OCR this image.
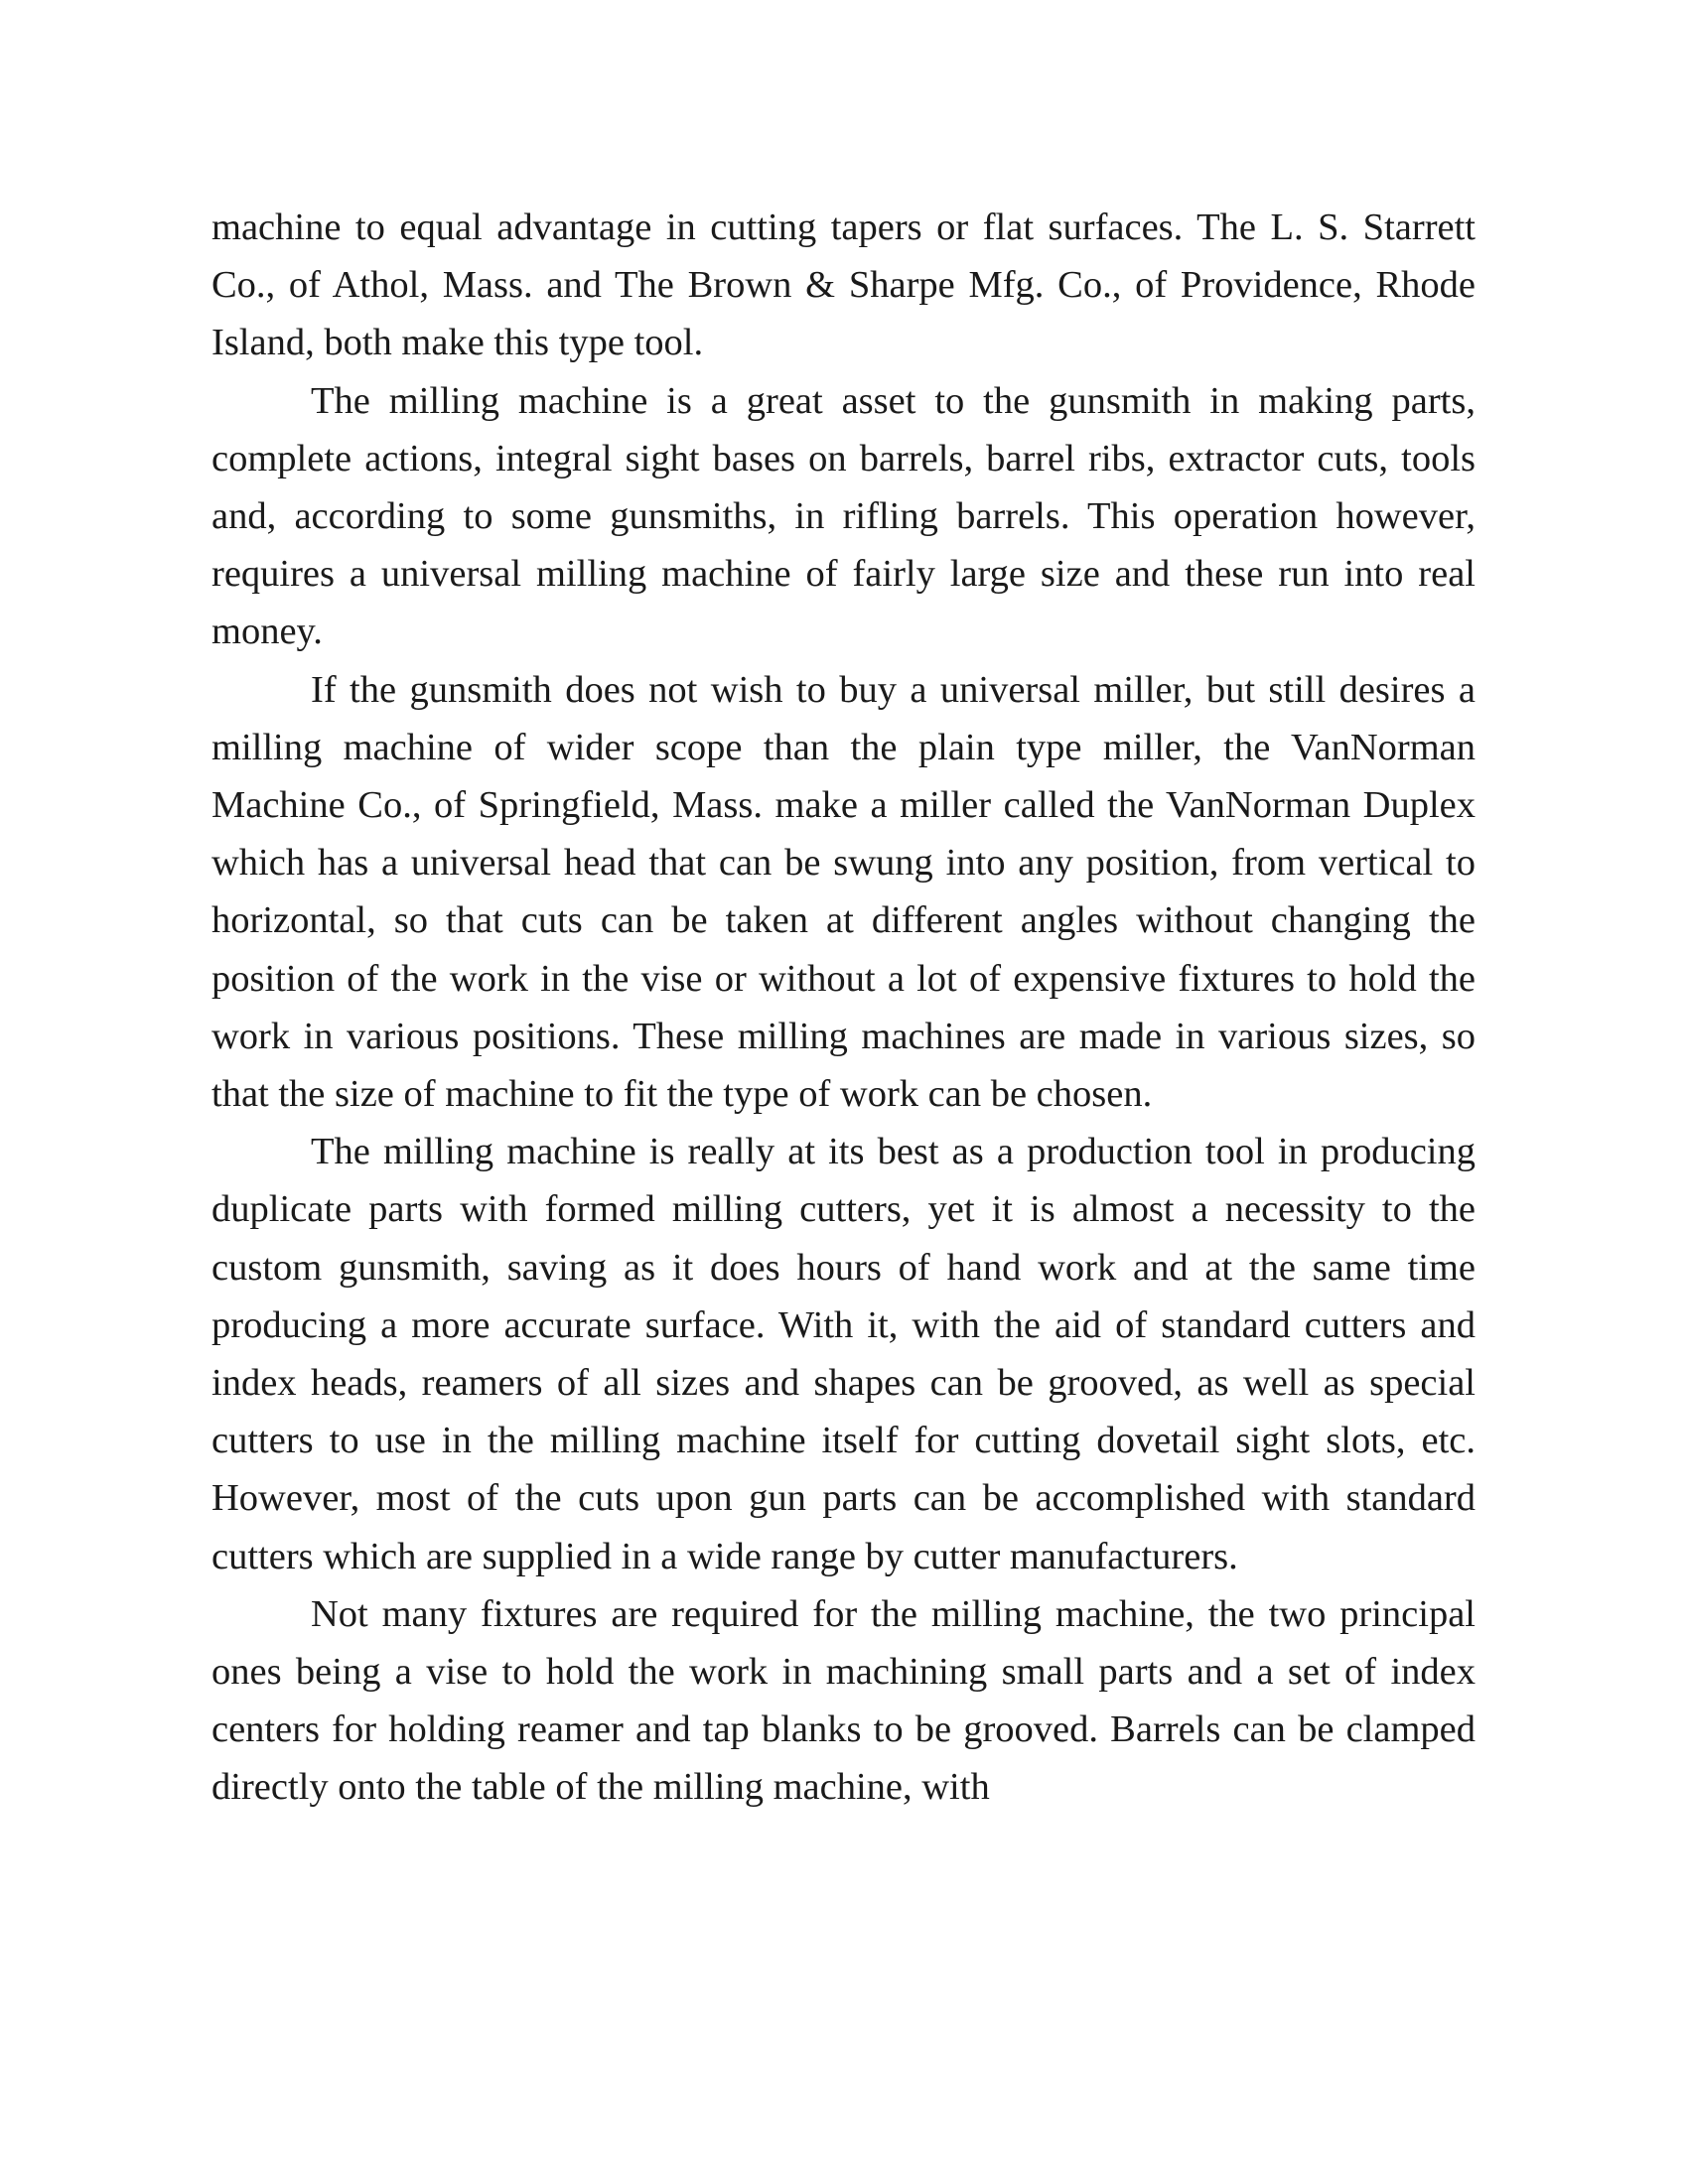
machine to equal advantage in cutting tapers or flat surfaces. The L. S. Starrett Co., of Athol, Mass. and The Brown & Sharpe Mfg. Co., of Providence, Rhode Island, both make this type tool.

The milling machine is a great asset to the gunsmith in making parts, complete actions, integral sight bases on barrels, barrel ribs, extractor cuts, tools and, according to some gunsmiths, in rifling barrels. This operation however, requires a universal milling machine of fairly large size and these run into real money.

If the gunsmith does not wish to buy a universal miller, but still desires a milling machine of wider scope than the plain type miller, the VanNorman Machine Co., of Springfield, Mass. make a miller called the VanNorman Duplex which has a universal head that can be swung into any position, from vertical to horizontal, so that cuts can be taken at different angles without changing the position of the work in the vise or without a lot of expensive fixtures to hold the work in various positions. These milling machines are made in various sizes, so that the size of machine to fit the type of work can be chosen.

The milling machine is really at its best as a production tool in producing duplicate parts with formed milling cutters, yet it is almost a necessity to the custom gunsmith, saving as it does hours of hand work and at the same time producing a more accurate surface. With it, with the aid of standard cutters and index heads, reamers of all sizes and shapes can be grooved, as well as special cutters to use in the milling machine itself for cutting dovetail sight slots, etc. However, most of the cuts upon gun parts can be accomplished with standard cutters which are supplied in a wide range by cutter manufacturers.

Not many fixtures are required for the milling machine, the two principal ones being a vise to hold the work in machining small parts and a set of index centers for holding reamer and tap blanks to be grooved. Barrels can be clamped directly onto the table of the milling machine, with
